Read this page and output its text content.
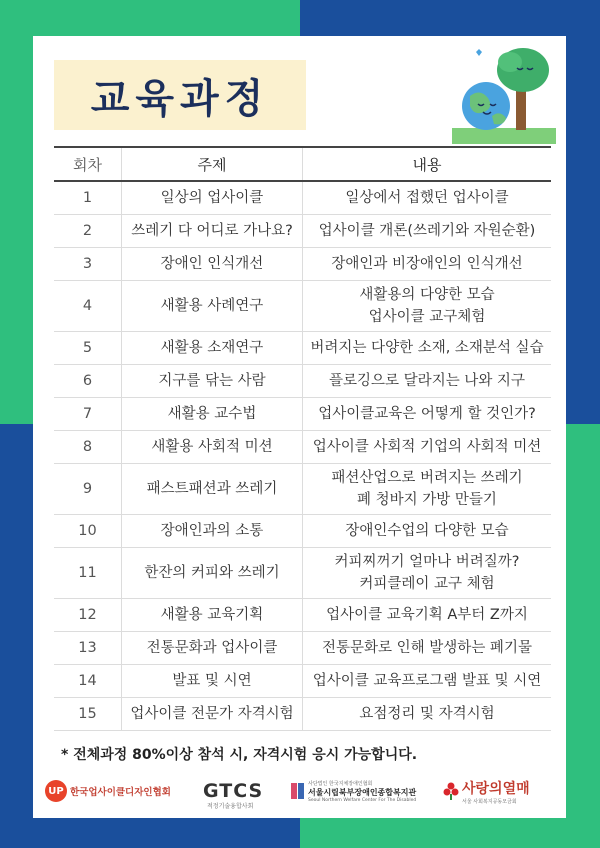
교육과정
회차	주제	내용
1	일상의 업사이클	일상에서 접했던 업사이클

2	쓰레기 다 어디로 가나요?	업사이클 개론(쓰레기와 자원순환)

3	장애인 인식개선	장애인과 비장애인의 인식개선

4	새활용 사례연구	새활용의 다양한 모습
업사이클 교구체험

5	새활용 소재연구	버려지는 다양한 소재, 소재분석 실습

6	지구를 닦는 사람	플로깅으로 달라지는 나와 지구

7	새활용 교수법	업사이클교육은 어떻게 할 것인가?

8	새활용 사회적 미션	업사이클 사회적 기업의 사회적 미션

9	패스트패션과 쓰레기	패션산업으로 버려지는 쓰레기
폐 청바지 가방 만들기

10	장애인과의 소통	장애인수업의 다양한 모습

11	한잔의 커피와 쓰레기	커피찌꺼기 얼마나 버려질까?
커피클레이 교구 체험

12	새활용 교육기획	업사이클 교육기획 A부터 Z까지

13	전통문화과 업사이클	전통문화로 인해 발생하는 폐기물

14	발표 및 시연	업사이클 교육프로그램 발표 및 시연

15	업사이클 전문가 자격시험	요점정리 및 자격시험
* 전체과정 80%이상 참석 시, 자격시험 응시 가능합니다.
UP 한국업사이클디자인협회 GTCS
적정기술융합사회
사단법인 한국지체장애인협회
서울시립북부장애인종합복지관
Seoul Northern Welfare Center For The Disabled
사랑의열매
서울 사회복지공동모금회
